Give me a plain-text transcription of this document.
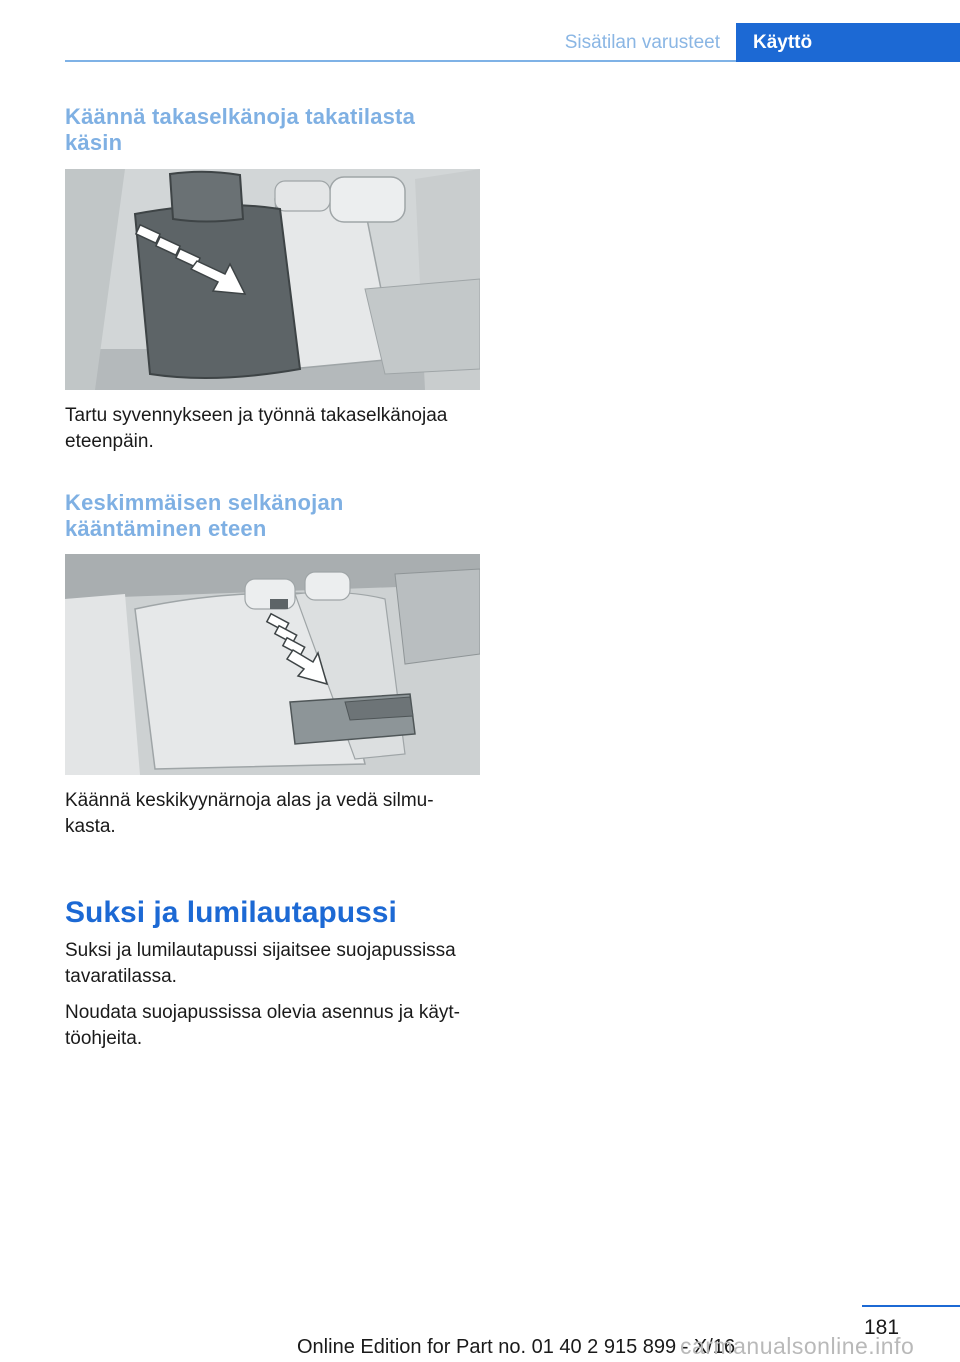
Sisätilan varusteet Käyttö

Käännä takaselkänoja takatilasta

käsin

Tartu syvennykseen ja työnnä takaselkänojaa

eteenpäin.

Keskimmäisen selkänojan

kääntäminen eteen

Käännä keskikyynärnoja alas ja vedä silmu-

kasta.

Suksi ja lumilautapussi

Suksi ja lumilautapussi sijaitsee suojapussissa

tavaratilassa.

Noudata suojapussissa olevia asennus ja käyt-

töohjeita.

181
Online Edition for Part no. 01 40 2 915 899 - X/16
carmanualsonline.info
